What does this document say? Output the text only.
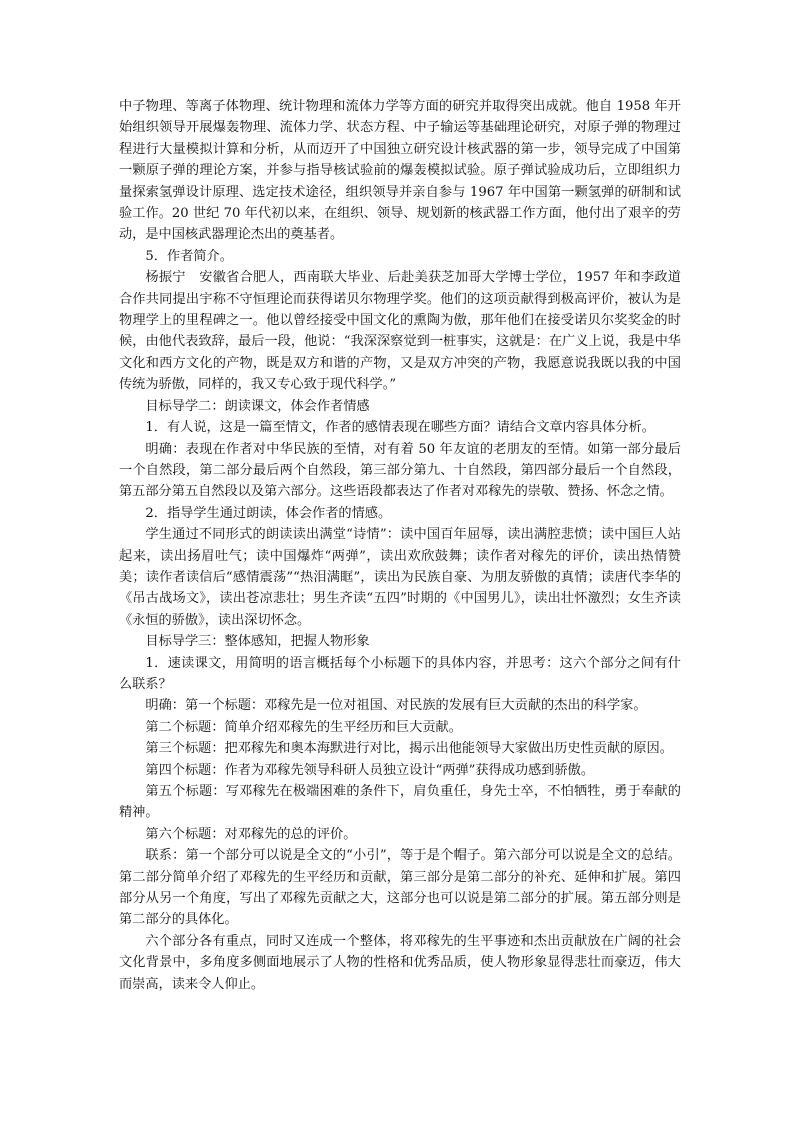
中子物理、等离子体物理、统计物理和流体力学等方面的研究并取得突出成就。他自 1958 年开始组织领导开展爆轰物理、流体力学、状态方程、中子输运等基础理论研究，对原子弹的物理过程进行大量模拟计算和分析，从而迈开了中国独立研究设计核武器的第一步，领导完成了中国第一颗原子弹的理论方案，并参与指导核试验前的爆轰模拟试验。原子弹试验成功后，立即组织力量探索氢弹设计原理、选定技术途径，组织领导并亲自参与 1967 年中国第一颗氢弹的研制和试验工作。20 世纪 70 年代初以来，在组织、领导、规划新的核武器工作方面，他付出了艰辛的劳动，是中国核武器理论杰出的奠基者。

5．作者简介。

杨振宁　安徽省合肥人，西南联大毕业、后赴美获芝加哥大学博士学位，1957 年和李政道合作共同提出宇称不守恒理论而获得诺贝尔物理学奖。他们的这项贡献得到极高评价，被认为是物理学上的里程碑之一。他以曾经接受中国文化的熏陶为傲，那年他们在接受诺贝尔奖奖金的时候，由他代表致辞，最后一段，他说：“我深深察觉到一桩事实，这就是：在广义上说，我是中华文化和西方文化的产物，既是双方和谐的产物，又是双方冲突的产物，我愿意说我既以我的中国传统为骄傲，同样的，我又专心致于现代科学。”

目标导学二：朗读课文，体会作者情感

1．有人说，这是一篇至情文，作者的感情表现在哪些方面？请结合文章内容具体分析。

明确：表现在作者对中华民族的至情，对有着 50 年友谊的老朋友的至情。如第一部分最后一个自然段，第二部分最后两个自然段，第三部分第九、十自然段，第四部分最后一个自然段，第五部分第五自然段以及第六部分。这些语段都表达了作者对邓稼先的崇敬、赞扬、怀念之情。

2．指导学生通过朗读，体会作者的情感。

学生通过不同形式的朗读读出满堂“诗情”：读中国百年屈辱，读出满腔悲愤；读中国巨人站起来，读出扬眉吐气；读中国爆炸“两弹”，读出欢欣鼓舞；读作者对稼先的评价，读出热情赞美；读作者读信后“感情震荡”“热泪满眶”，读出为民族自豪、为朋友骄傲的真情；读唐代李华的《吊古战场文》，读出苍凉悲壮；男生齐读“五四”时期的《中国男儿》，读出壮怀激烈；女生齐读《永恒的骄傲》，读出深切怀念。

目标导学三：整体感知，把握人物形象

1．速读课文，用简明的语言概括每个小标题下的具体内容，并思考：这六个部分之间有什么联系？

明确：第一个标题：邓稼先是一位对祖国、对民族的发展有巨大贡献的杰出的科学家。

第二个标题：简单介绍邓稼先的生平经历和巨大贡献。

第三个标题：把邓稼先和奥本海默进行对比，揭示出他能领导大家做出历史性贡献的原因。

第四个标题：作者为邓稼先领导科研人员独立设计“两弹”获得成功感到骄傲。

第五个标题：写邓稼先在极端困难的条件下，肩负重任，身先士卒，不怕牺牲，勇于奉献的精神。

第六个标题：对邓稼先的总的评价。

联系：第一个部分可以说是全文的“小引”，等于是个帽子。第六部分可以说是全文的总结。第二部分简单介绍了邓稼先的生平经历和贡献，第三部分是第二部分的补充、延伸和扩展。第四部分从另一个角度，写出了邓稼先贡献之大，这部分也可以说是第二部分的扩展。第五部分则是第二部分的具体化。

六个部分各有重点，同时又连成一个整体，将邓稼先的生平事迹和杰出贡献放在广阔的社会文化背景中，多角度多侧面地展示了人物的性格和优秀品质，使人物形象显得悲壮而豪迈，伟大而崇高，读来令人仰止。
